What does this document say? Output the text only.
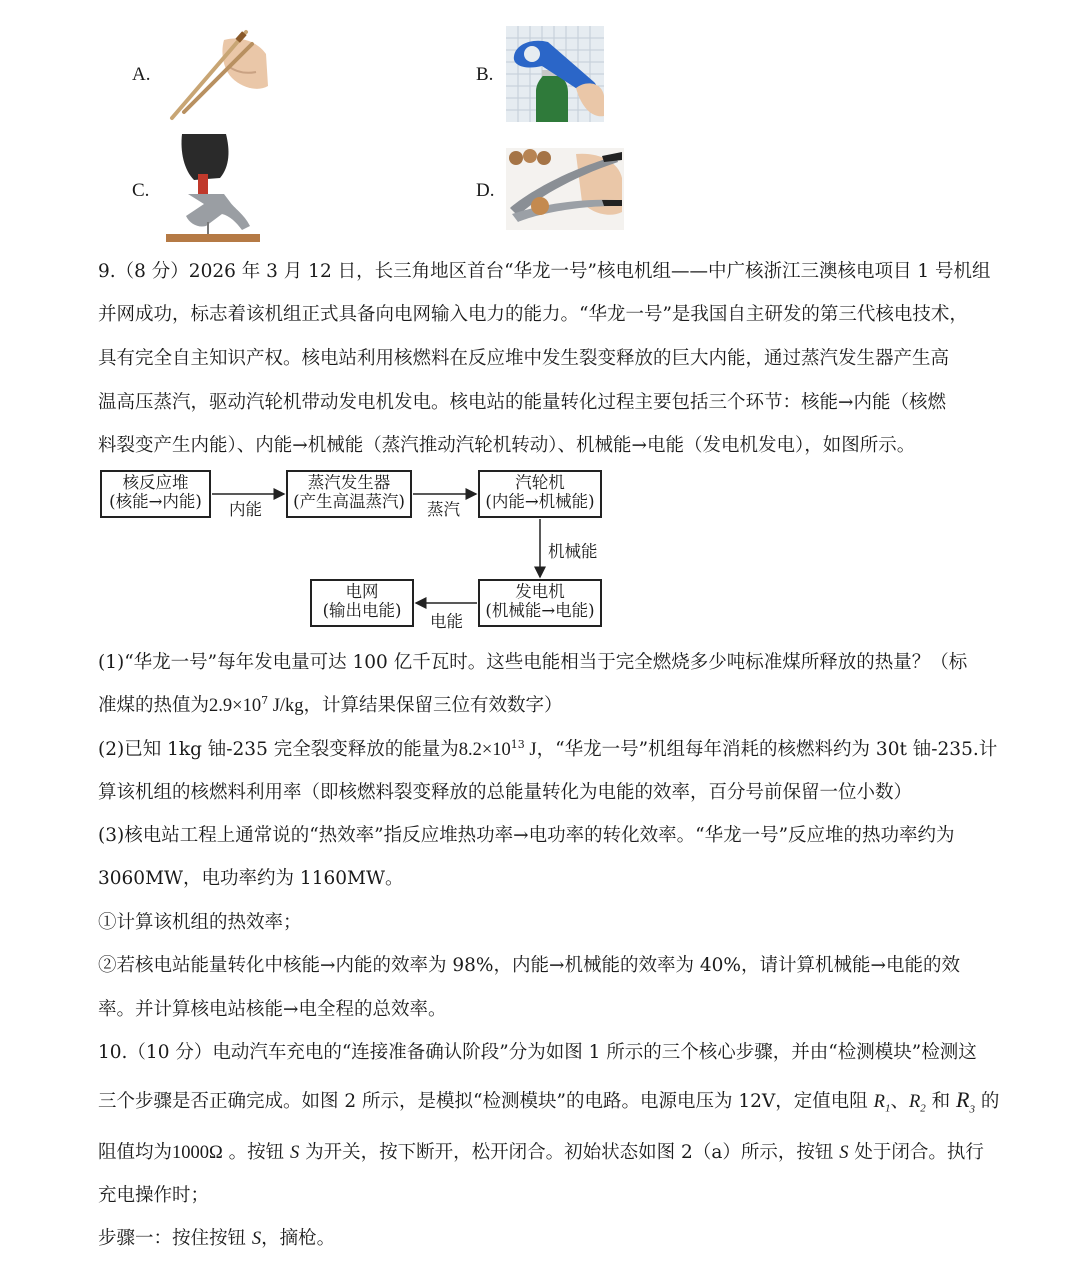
A.	B.
C.	D.
9.（8 分）2026 年 3 月 12 日，长三角地区首台“华龙一号”核电机组——中广核浙江三澳核电项目 1 号机组
并网成功，标志着该机组正式具备向电网输入电力的能力。“华龙一号”是我国自主研发的第三代核电技术，
具有完全自主知识产权。核电站利用核燃料在反应堆中发生裂变释放的巨大内能，通过蒸汽发生器产生高
温高压蒸汽，驱动汽轮机带动发电机发电。核电站的能量转化过程主要包括三个环节：核能→内能（核燃
料裂变产生内能）、内能→机械能（蒸汽推动汽轮机转动）、机械能→电能（发电机发电），如图所示。
核反应堆
(核能→内能)
蒸汽发生器
(产生高温蒸汽)
汽轮机
(内能→机械能)
发电机
(机械能→电能)
电网
(输出电能)
内能	蒸汽
机械能
电能
(1)“华龙一号”每年发电量可达 100 亿千瓦时。这些电能相当于完全燃烧多少吨标准煤所释放的热量？（标
准煤的热值为$2.9\times 10^7$ J/kg，计算结果保留三位有效数字）
(2)已知 1kg 铀-235 完全裂变释放的能量为$8.2\times 10^{13}$ J，“华龙一号”机组每年消耗的核燃料约为 30t 铀-235.计
算该机组的核燃料利用率（即核燃料裂变释放的总能量转化为电能的效率，百分号前保留一位小数）
(3)核电站工程上通常说的“热效率”指反应堆热功率→电功率的转化效率。“华龙一号”反应堆的热功率约为
3060MW，电功率约为 1160MW。
①计算该机组的热效率；
②若核电站能量转化中核能→内能的效率为 98%，内能→机械能的效率为 40%，请计算机械能→电能的效
率。并计算核电站核能→电全程的总效率。
10.（10 分）电动汽车充电的“连接准备确认阶段”分为如图 1 所示的三个核心步骤，并由“检测模块”检测这
三个步骤是否正确完成。如图 2 所示，是模拟“检测模块”的电路。电源电压为 12V，定值电阻 $R_1$、$R_2$ 和 $R_3$ 的
阻值均为1000Ω 。按钮 S 为开关，按下断开，松开闭合。初始状态如图 2（a）所示，按钮 S 处于闭合。执行
充电操作时；
步骤一：按住按钮 S，摘枪。
